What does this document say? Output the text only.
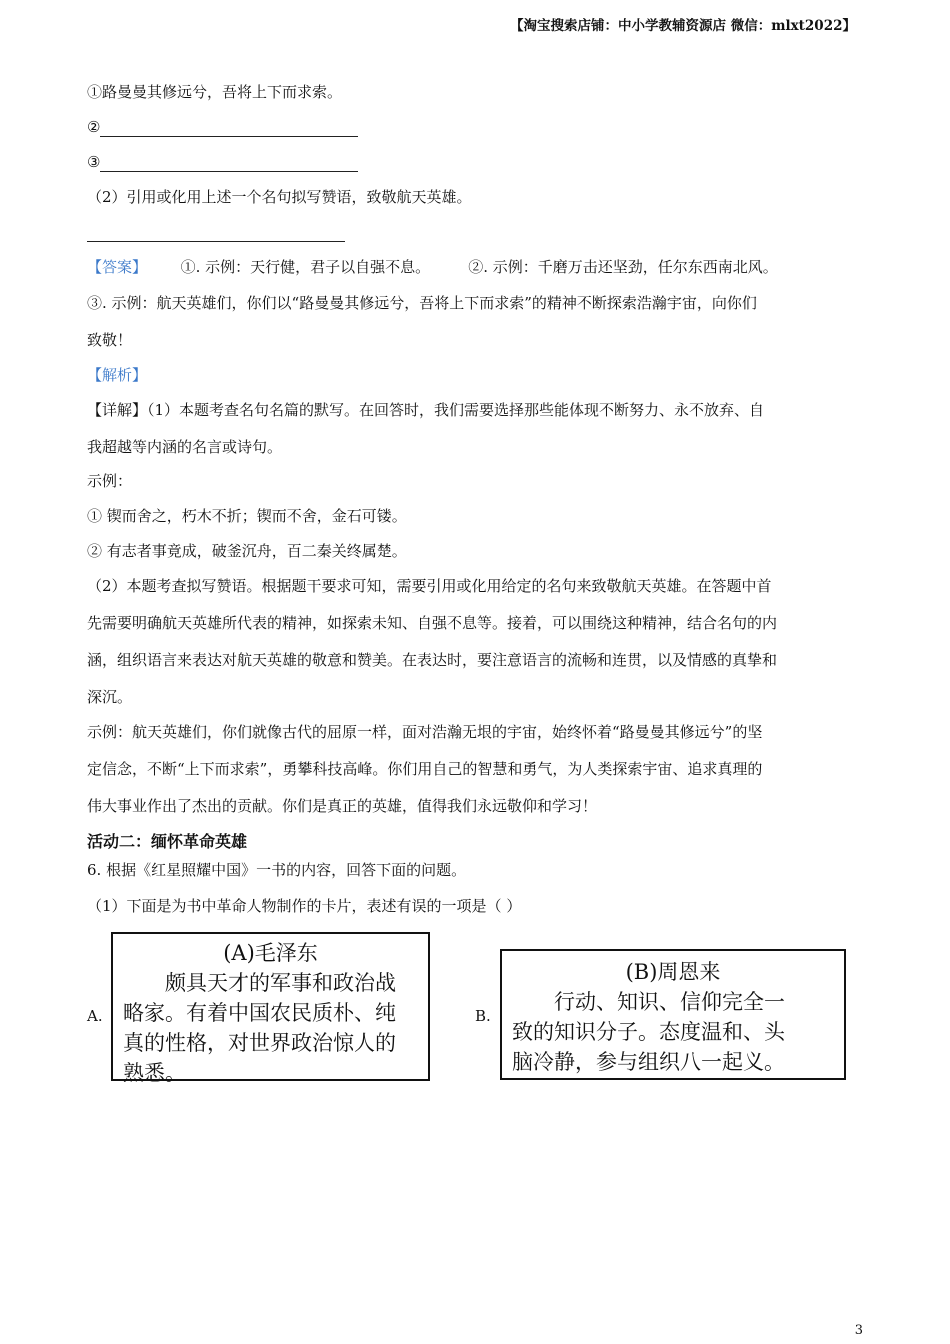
【淘宝搜索店铺：中小学教辅资源店 微信：mlxt2022】
①路曼曼其修远兮，吾将上下而求索。
②
③
（2）引用或化用上述一个名句拟写赞语，致敬航天英雄。
【答案】 ①. 示例：天行健，君子以自强不息。        ②. 示例：千磨万击还坚劲，任尔东西南北风。
③. 示例：航天英雄们，你们以“路曼曼其修远兮，吾将上下而求索”的精神不断探索浩瀚宇宙，向你们
致敬！
【解析】
【详解】（1）本题考查名句名篇的默写。在回答时，我们需要选择那些能体现不断努力、永不放弃、自
我超越等内涵的名言或诗句。
示例：
① 锲而舍之，朽木不折；锲而不舍，金石可镂。
② 有志者事竟成，破釜沉舟，百二秦关终属楚。
（2）本题考查拟写赞语。根据题干要求可知，需要引用或化用给定的名句来致敬航天英雄。在答题中首
先需要明确航天英雄所代表的精神，如探索未知、自强不息等。接着，可以围绕这种精神，结合名句的内
涵，组织语言来表达对航天英雄的敬意和赞美。在表达时，要注意语言的流畅和连贯，以及情感的真挚和
深沉。
示例：航天英雄们，你们就像古代的屈原一样，面对浩瀚无垠的宇宙，始终怀着“路曼曼其修远兮”的坚
定信念，不断“上下而求索”，勇攀科技高峰。你们用自己的智慧和勇气，为人类探索宇宙、追求真理的
伟大事业作出了杰出的贡献。你们是真正的英雄，值得我们永远敬仰和学习！
活动二：缅怀革命英雄
6. 根据《红星照耀中国》一书的内容，回答下面的问题。
（1）下面是为书中革命人物制作的卡片，表述有误的一项是（ ）
A.
(A)毛泽东
颇具天才的军事和政治战
略家。有着中国农民质朴、纯
真的性格，对世界政治惊人的
熟悉。
B.
(B)周恩来
行动、知识、信仰完全一
致的知识分子。态度温和、头
脑冷静，参与组织八一起义。
3
